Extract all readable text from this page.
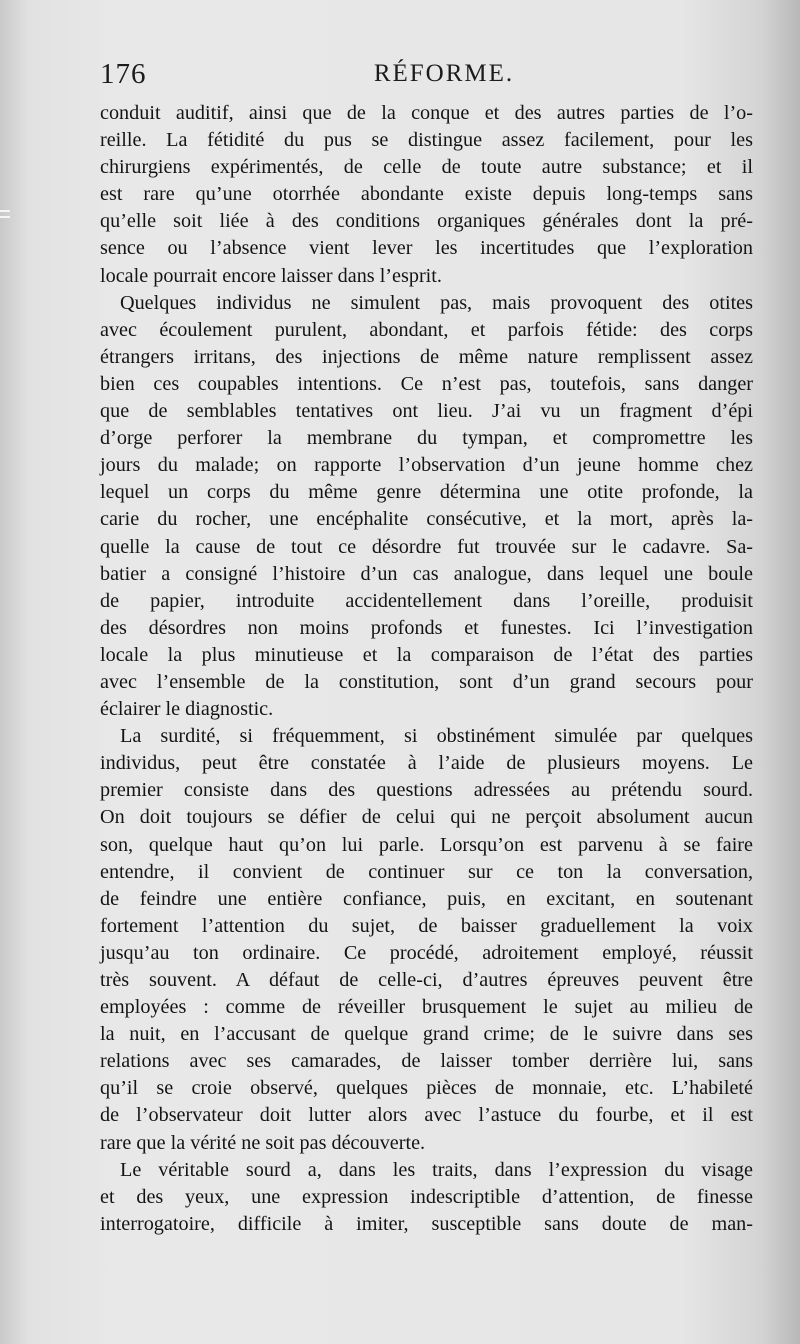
176	RÉFORME.
conduit auditif, ainsi que de la conque et des autres parties de l’o-
reille. La fétidité du pus se distingue assez facilement, pour les
chirurgiens expérimentés, de celle de toute autre substance; et il
est rare qu’une otorrhée abondante existe depuis long-temps sans
qu’elle soit liée à des conditions organiques générales dont la pré-
sence ou l’absence vient lever les incertitudes que l’exploration
locale pourrait encore laisser dans l’esprit.
Quelques individus ne simulent pas, mais provoquent des otites
avec écoulement purulent, abondant, et parfois fétide: des corps
étrangers irritans, des injections de même nature remplissent assez
bien ces coupables intentions. Ce n’est pas, toutefois, sans danger
que de semblables tentatives ont lieu. J’ai vu un fragment d’épi
d’orge perforer la membrane du tympan, et compromettre les
jours du malade; on rapporte l’observation d’un jeune homme chez
lequel un corps du même genre détermina une otite profonde, la
carie du rocher, une encéphalite consécutive, et la mort, après la-
quelle la cause de tout ce désordre fut trouvée sur le cadavre. Sa-
batier a consigné l’histoire d’un cas analogue, dans lequel une boule
de papier, introduite accidentellement dans l’oreille, produisit
des désordres non moins profonds et funestes. Ici l’investigation
locale la plus minutieuse et la comparaison de l’état des parties
avec l’ensemble de la constitution, sont d’un grand secours pour
éclairer le diagnostic.
La surdité, si fréquemment, si obstinément simulée par quelques
individus, peut être constatée à l’aide de plusieurs moyens. Le
premier consiste dans des questions adressées au prétendu sourd.
On doit toujours se défier de celui qui ne perçoit absolument aucun
son, quelque haut qu’on lui parle. Lorsqu’on est parvenu à se faire
entendre, il convient de continuer sur ce ton la conversation,
de feindre une entière confiance, puis, en excitant, en soutenant
fortement l’attention du sujet, de baisser graduellement la voix
jusqu’au ton ordinaire. Ce procédé, adroitement employé, réussit
très souvent. A défaut de celle-ci, d’autres épreuves peuvent être
employées : comme de réveiller brusquement le sujet au milieu de
la nuit, en l’accusant de quelque grand crime; de le suivre dans ses
relations avec ses camarades, de laisser tomber derrière lui, sans
qu’il se croie observé, quelques pièces de monnaie, etc. L’habileté
de l’observateur doit lutter alors avec l’astuce du fourbe, et il est
rare que la vérité ne soit pas découverte.
Le véritable sourd a, dans les traits, dans l’expression du visage
et des yeux, une expression indescriptible d’attention, de finesse
interrogatoire, difficile à imiter, susceptible sans doute de man-
